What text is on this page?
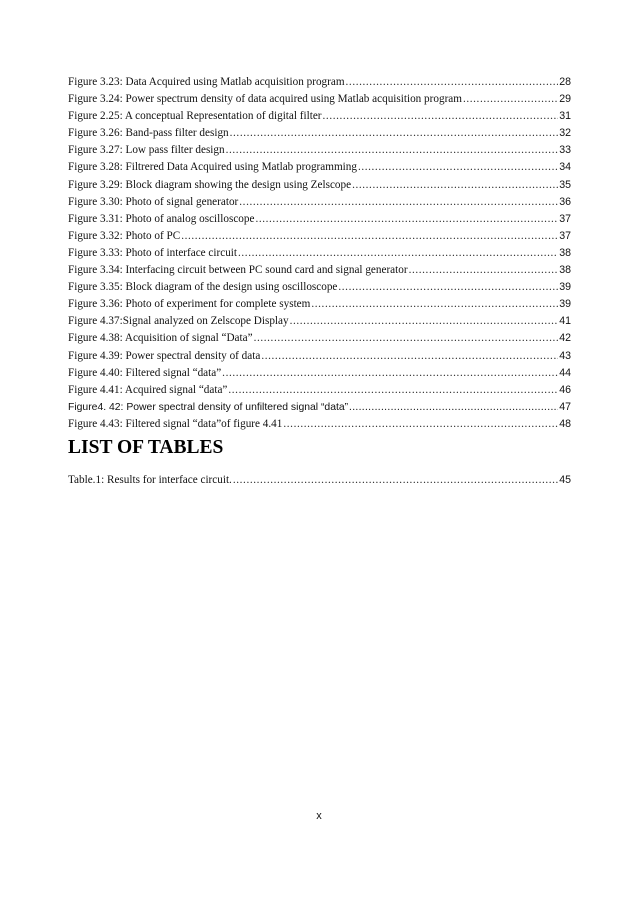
Figure 3.23: Data Acquired using Matlab acquisition program .....	28
Figure 3.24: Power spectrum density of data acquired using Matlab acquisition program .....	29
Figure 2.25: A conceptual Representation of digital filter .....	31
Figure 3.26: Band-pass filter design .....	32
Figure 3.27: Low pass filter design .....	33
Figure 3.28: Filtrered Data Acquired using Matlab programming .....	34
Figure 3.29: Block diagram showing the design using Zelscope .....	35
Figure 3.30: Photo of signal generator .....	36
Figure 3.31: Photo of analog oscilloscope .....	37
Figure 3.32: Photo of PC .....	37
Figure 3.33: Photo of interface circuit .....	38
Figure 3.34: Interfacing circuit between PC sound card and signal generator .....	38
Figure 3.35: Block diagram of the design using oscilloscope .....	39
Figure 3.36: Photo of experiment for complete system .....	39
Figure 4.37:Signal analyzed on Zelscope Display .....	41
Figure 4.38: Acquisition of signal “Data” .....	42
Figure 4.39: Power spectral density of data .....	43
Figure 4.40: Filtered signal “data” .....	44
Figure 4.41: Acquired signal “data” .....	46
Figure4. 42: Power spectral density of unfiltered signal “data” .....	47
Figure 4.43: Filtered signal “data”of figure 4.41 .....	48
LIST OF TABLES
Table.1: Results for interface circuit. .....	45
x
